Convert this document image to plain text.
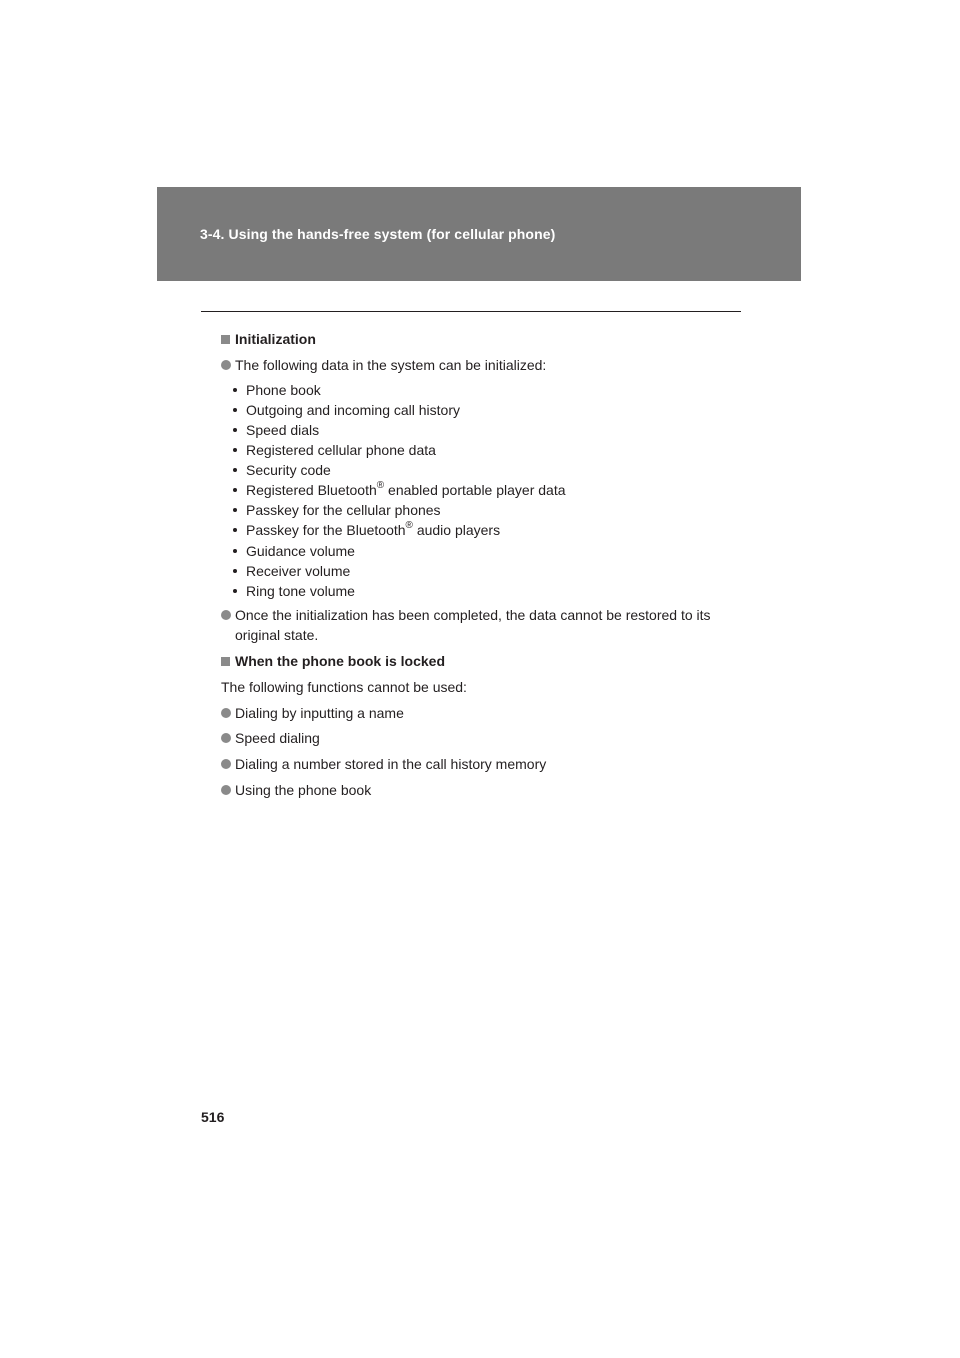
3-4. Using the hands-free system (for cellular phone)
Initialization
The following data in the system can be initialized:
Phone book
Outgoing and incoming call history
Speed dials
Registered cellular phone data
Security code
Registered Bluetooth® enabled portable player data
Passkey for the cellular phones
Passkey for the Bluetooth® audio players
Guidance volume
Receiver volume
Ring tone volume
Once the initialization has been completed, the data cannot be restored to its
original state.
When the phone book is locked
The following functions cannot be used:
Dialing by inputting a name
Speed dialing
Dialing a number stored in the call history memory
Using the phone book
516
